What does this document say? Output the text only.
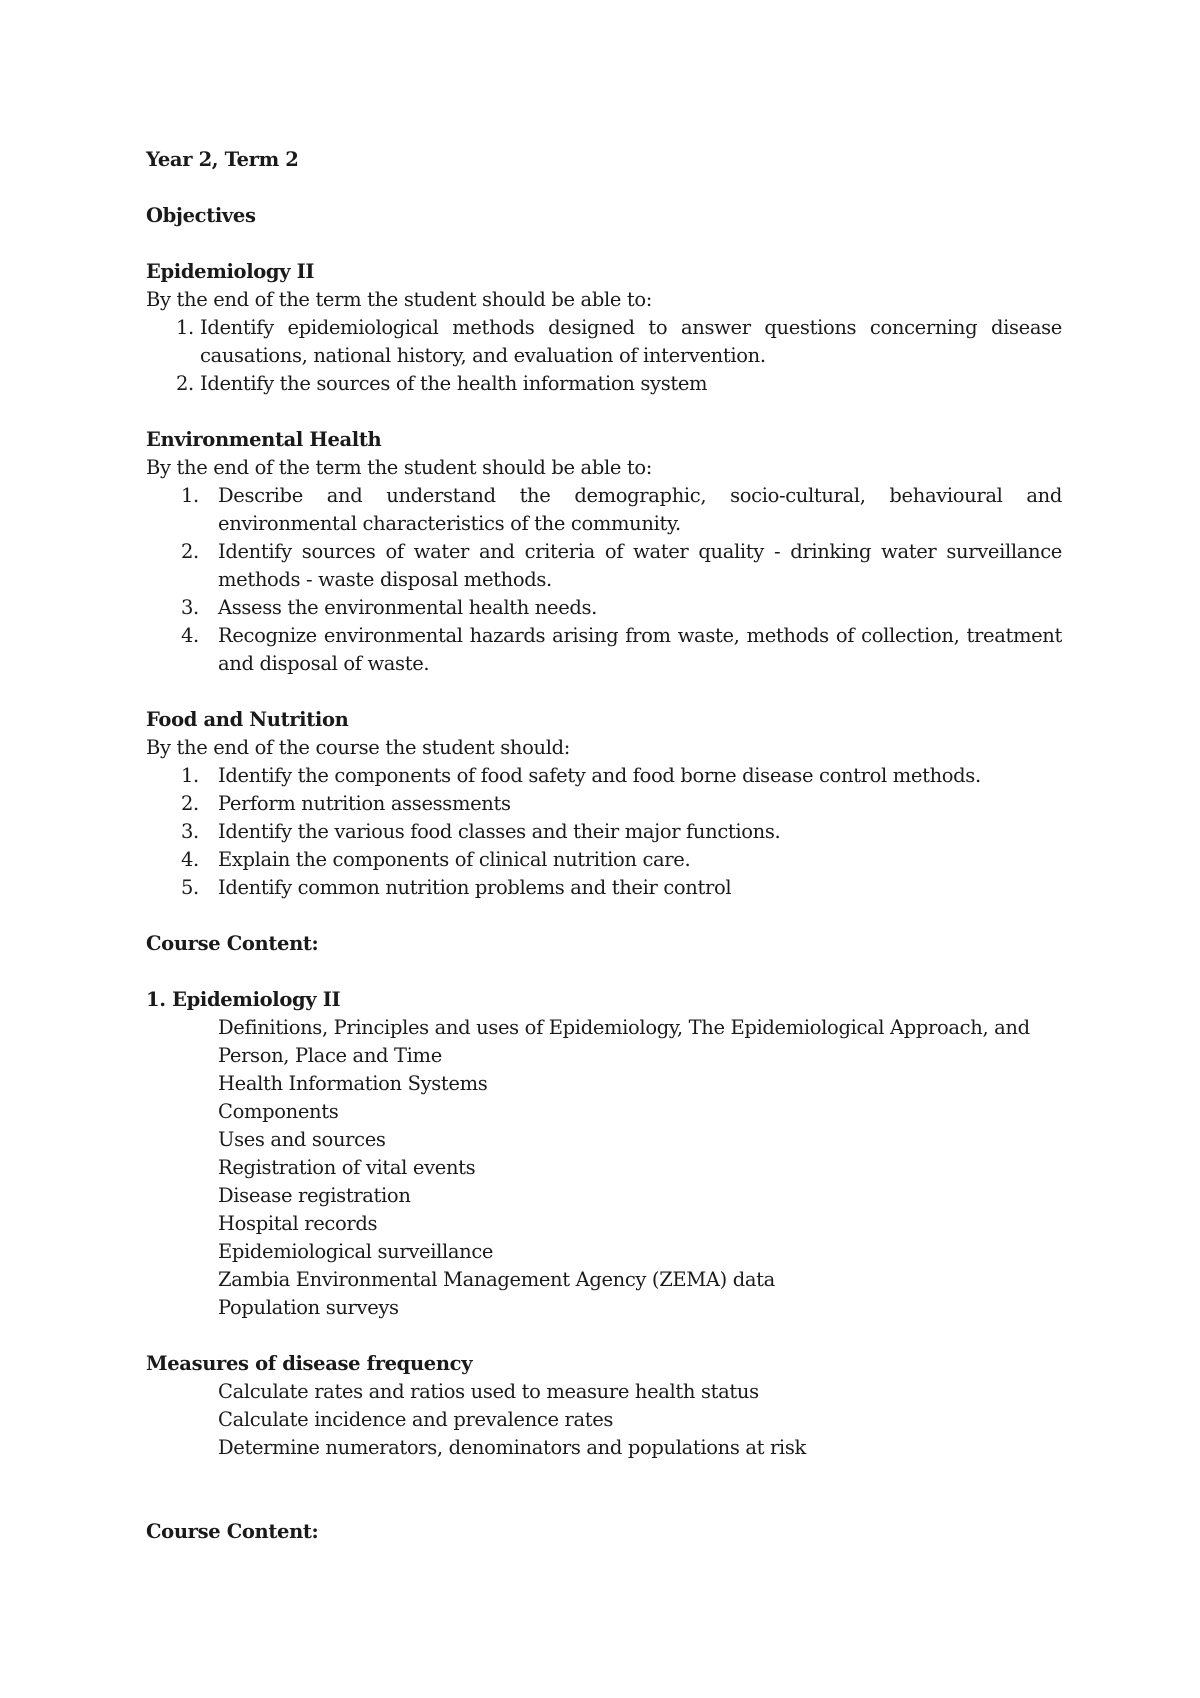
Year 2, Term 2
Objectives
Epidemiology II
By the end of the term the student should be able to:
1. Identify epidemiological methods designed to answer questions concerning disease causations, national history, and evaluation of intervention.
2. Identify the sources of the health information system
Environmental Health
By the end of the term the student should be able to:
1. Describe and understand the demographic, socio-cultural, behavioural and environmental characteristics of the community.
2. Identify sources of water and criteria of water quality - drinking water surveillance methods - waste disposal methods.
3. Assess the environmental health needs.
4. Recognize environmental hazards arising from waste, methods of collection, treatment and disposal of waste.
Food and Nutrition
By the end of the course the student should:
1. Identify the components of food safety and food borne disease control methods.
2. Perform nutrition assessments
3. Identify the various food classes and their major functions.
4. Explain the components of clinical nutrition care.
5. Identify common nutrition problems and their control
Course Content:
1. Epidemiology II
Definitions, Principles and uses of Epidemiology, The Epidemiological Approach, and Person, Place and Time
Health Information Systems
Components
Uses and sources
Registration of vital events
Disease registration
Hospital records
Epidemiological surveillance
Zambia Environmental Management Agency (ZEMA) data
Population surveys
Measures of disease frequency
Calculate rates and ratios used to measure health status
Calculate incidence and prevalence rates
Determine numerators, denominators and populations at risk
Course Content:
